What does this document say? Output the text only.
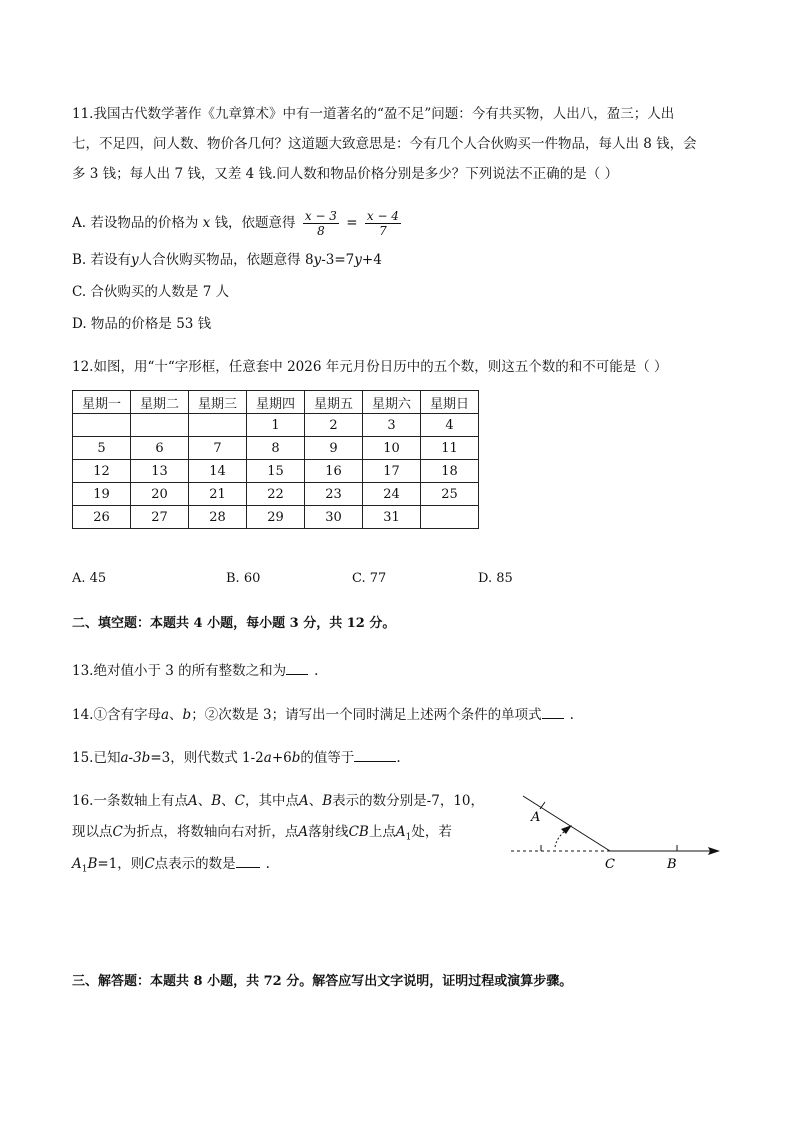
11.我国古代数学著作《九章算术》中有一道著名的“盈不足”问题：今有共买物，人出八，盈三；人出
七，不足四，问人数、物价各几何？这道题大致意思是：今有几个人合伙购买一件物品，每人出 8 钱，会
多 3 钱；每人出 7 钱，又差 4 钱.问人数和物品价格分别是多少？下列说法不正确的是（ ）
A. 若设物品的价格为 x 钱，依题意得 $\frac{x - 3}{8} = \frac{x - 4}{7}$
B. 若设有y人合伙购买物品，依题意得 8y-3=7y+4
C. 合伙购买的人数是 7 人
D. 物品的价格是 53 钱
12.如图，用“十“字形框，任意套中 2026 年元月份日历中的五个数，则这五个数的和不可能是（ ）
星期一	星期二	星期三	星期四	星期五	星期六	星期日
			1	2	3	4
5	6	7	8	9	10	11
12	13	14	15	16	17	18
19	20	21	22	23	24	25
26	27	28	29	30	31	
A. 45	B. 60	C. 77	D. 85
二、填空题：本题共 4 小题，每小题 3 分，共 12 分。
13.绝对值小于 3 的所有整数之和为 .
14.①含有字母a、b；②次数是 3；请写出一个同时满足上述两个条件的单项式 .
15.已知a-3b=3，则代数式 1-2a+6b的值等于	.
16.一条数轴上有点A、B、C，其中点A、B表示的数分别是-7，10，
现以点C为折点，将数轴向右对折，点A落射线CB上点$A_1$处，若
$A_1B=1$，则C点表示的数是 .
A
C	B
三、解答题：本题共 8 小题，共 72 分。解答应写出文字说明，证明过程或演算步骤。
